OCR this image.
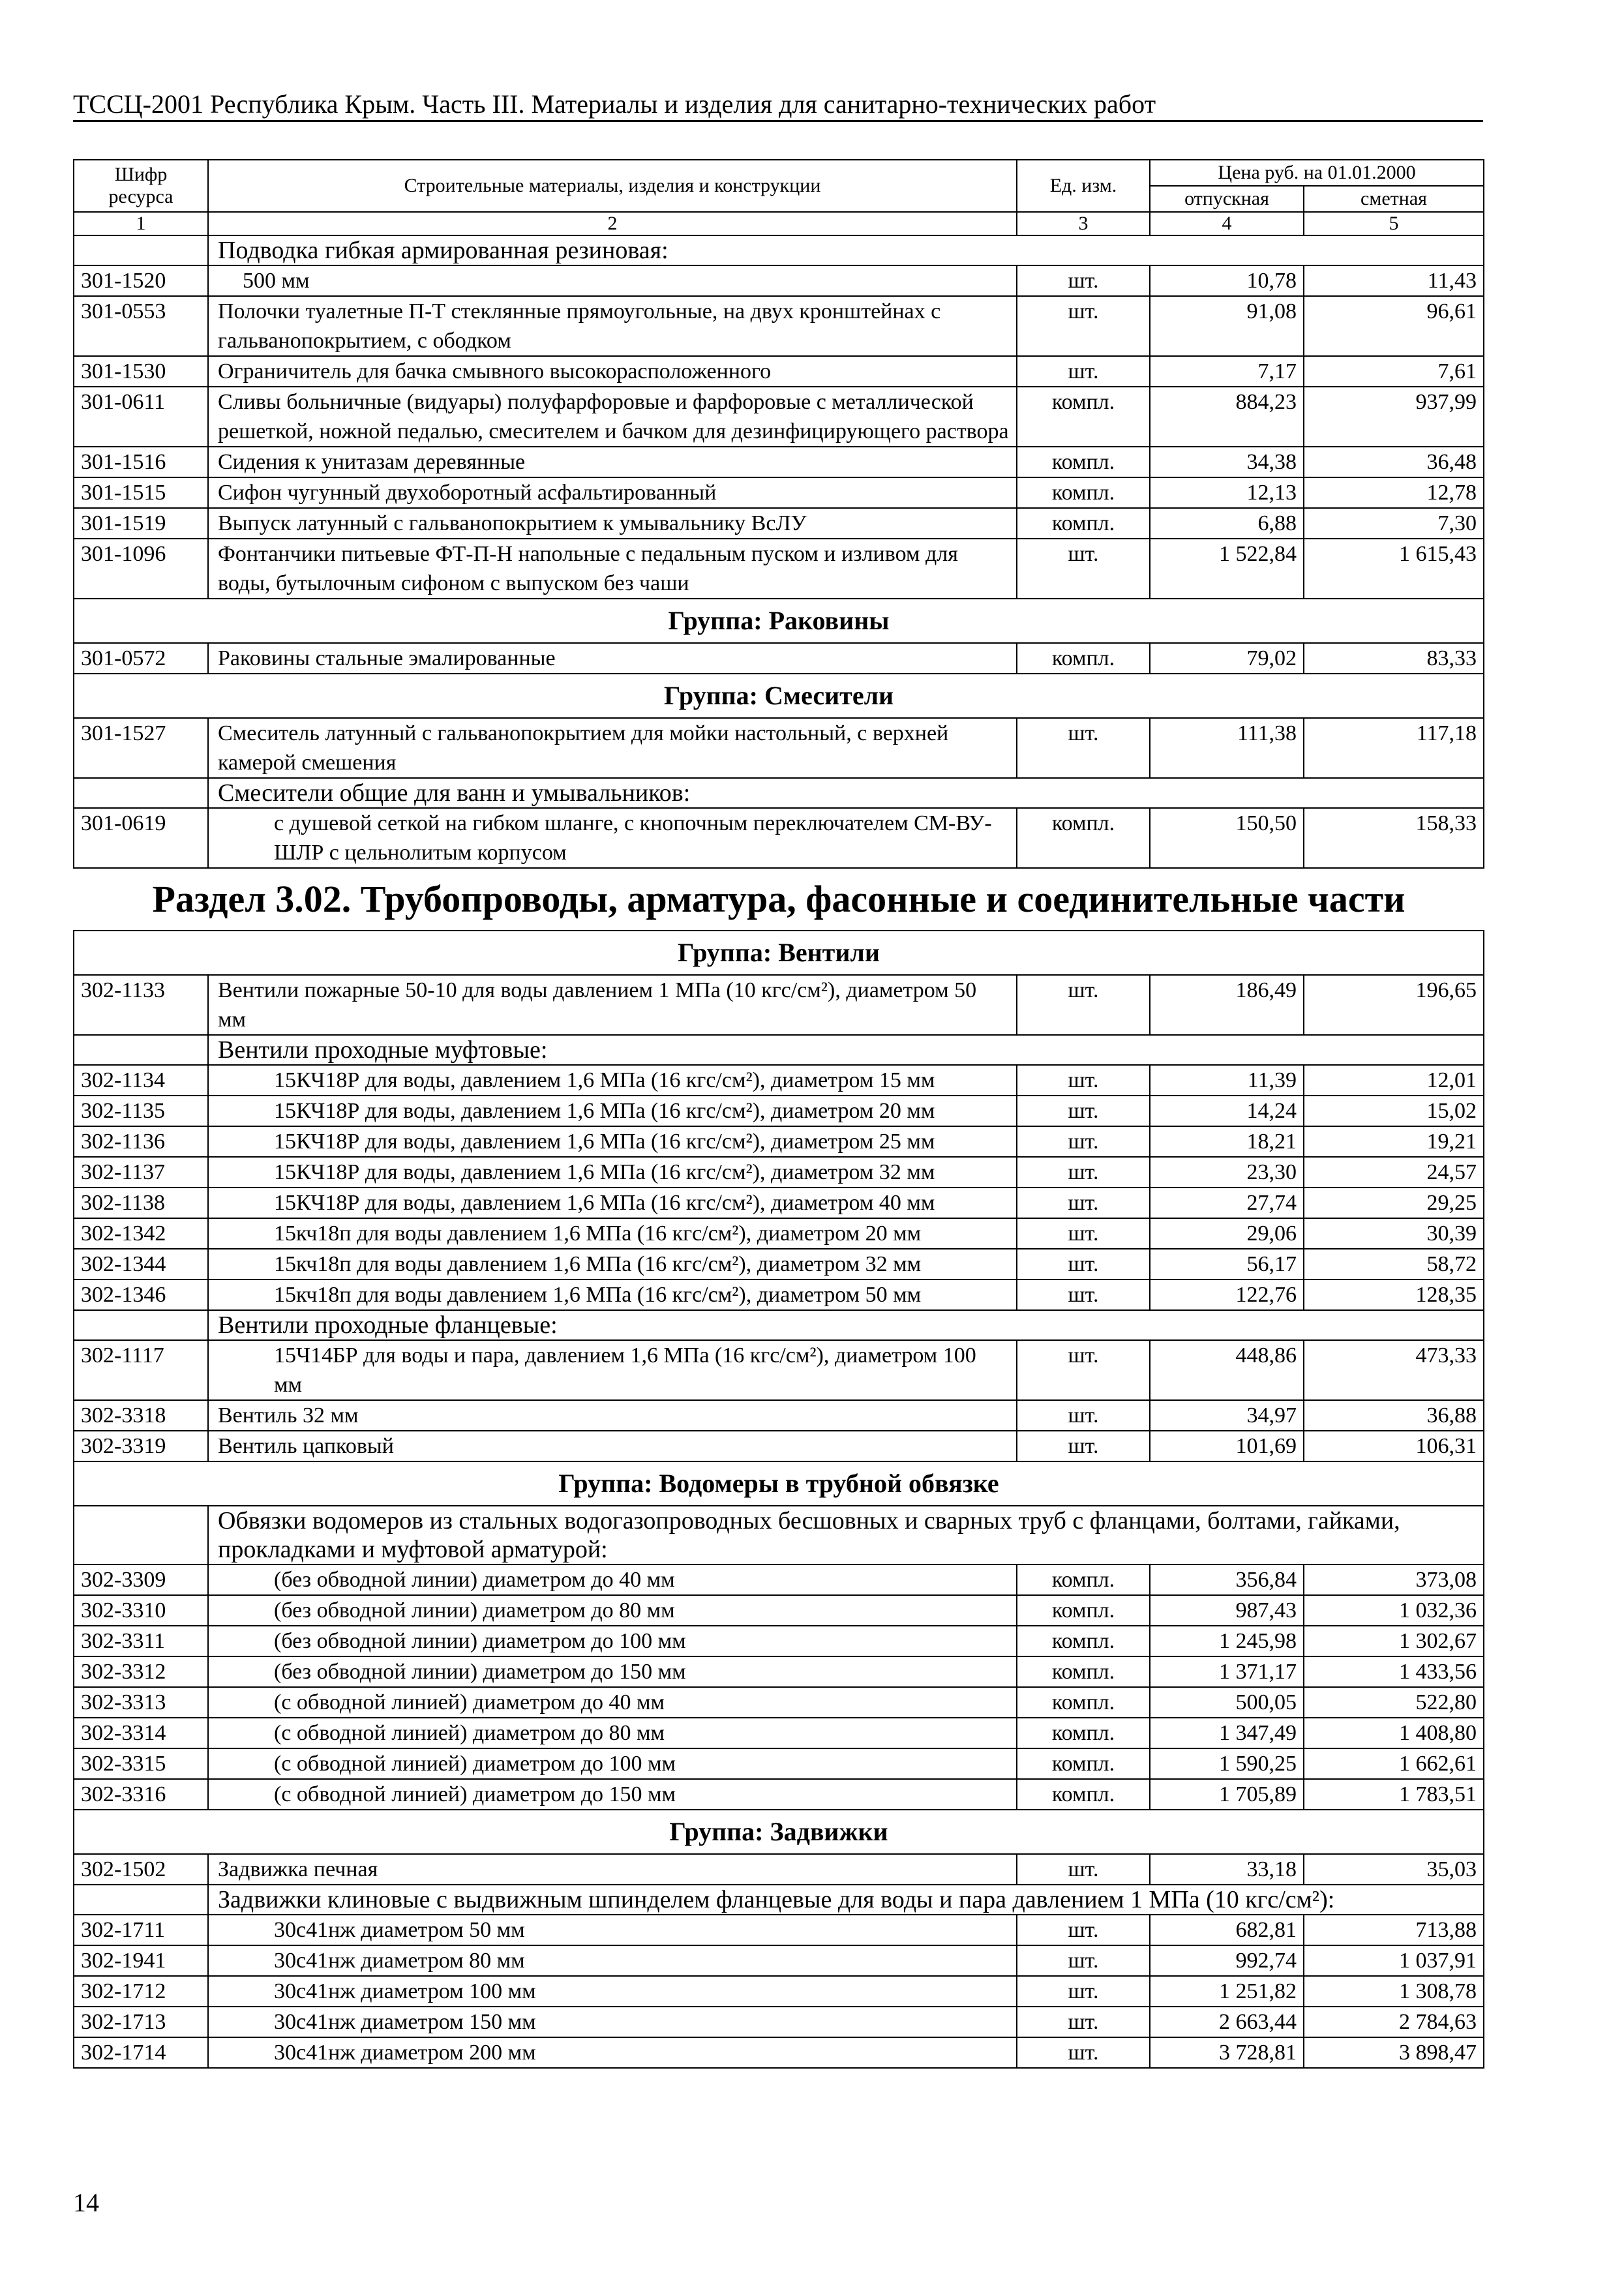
ТССЦ-2001 Республика Крым. Часть III. Материалы и изделия для санитарно-технических работ
Шифр ресурса	Строительные материалы, изделия и конструкции	Ед. изм.	Цена руб. на 01.01.2000	
			отпускная	сметная
1	2	3	4	5
	Подводка гибкая армированная резиновая:			
301-1520	500 мм	шт.	10,78	11,43
301-0553	Полочки туалетные П-Т стеклянные прямоугольные, на двух кронштейнах с гальванопокрытием, с ободком	шт.	91,08	96,61
301-1530	Ограничитель для бачка смывного высокорасположенного	шт.	7,17	7,61
301-0611	Сливы больничные (видуары) полуфарфоровые и фарфоровые с металлической решеткой, ножной педалью, смесителем и бачком для дезинфицирующего раствора	компл.	884,23	937,99
301-1516	Сидения к унитазам деревянные	компл.	34,38	36,48
301-1515	Сифон чугунный двухоборотный асфальтированный	компл.	12,13	12,78
301-1519	Выпуск латунный с гальванопокрытием к умывальнику ВсЛУ	компл.	6,88	7,30
301-1096	Фонтанчики питьевые ФТ-П-Н напольные с педальным пуском и изливом для воды, бутылочным сифоном с выпуском без чаши	шт.	1 522,84	1 615,43
Группа: Раковины				
301-0572	Раковины стальные эмалированные	компл.	79,02	83,33
Группа: Смесители				
301-1527	Смеситель латунный с гальванопокрытием для мойки настольный, с верхней камерой смешения	шт.	111,38	117,18
	Смесители общие для ванн и умывальников:			
301-0619	с душевой сеткой на гибком шланге, с кнопочным переключателем СМ-ВУ-ШЛР с цельнолитым корпусом	компл.	150,50	158,33
Раздел 3.02. Трубопроводы, арматура, фасонные и соединительные части				
Группа: Вентили				
302-1133	Вентили пожарные 50-10 для воды давлением 1 МПа (10 кгс/см²), диаметром 50 мм	шт.	186,49	196,65
	Вентили проходные муфтовые:			
302-1134	15КЧ18Р для воды, давлением 1,6 МПа (16 кгс/см²), диаметром 15 мм	шт.	11,39	12,01
302-1135	15КЧ18Р для воды, давлением 1,6 МПа (16 кгс/см²), диаметром 20 мм	шт.	14,24	15,02
302-1136	15КЧ18Р для воды, давлением 1,6 МПа (16 кгс/см²), диаметром 25 мм	шт.	18,21	19,21
302-1137	15КЧ18Р для воды, давлением 1,6 МПа (16 кгс/см²), диаметром 32 мм	шт.	23,30	24,57
302-1138	15КЧ18Р для воды, давлением 1,6 МПа (16 кгс/см²), диаметром 40 мм	шт.	27,74	29,25
302-1342	15кч18п для воды давлением 1,6 МПа (16 кгс/см²), диаметром 20 мм	шт.	29,06	30,39
302-1344	15кч18п для воды давлением 1,6 МПа (16 кгс/см²), диаметром 32 мм	шт.	56,17	58,72
302-1346	15кч18п для воды давлением 1,6 МПа (16 кгс/см²), диаметром 50 мм	шт.	122,76	128,35
	Вентили проходные фланцевые:			
302-1117	15Ч14БР для воды и пара, давлением 1,6 МПа (16 кгс/см²), диаметром 100 мм	шт.	448,86	473,33
302-3318	Вентиль 32 мм	шт.	34,97	36,88
302-3319	Вентиль цапковый	шт.	101,69	106,31
Группа: Водомеры в трубной обвязке				
	Обвязки водомеров из стальных водогазопроводных бесшовных и сварных труб с фланцами, болтами, гайками, прокладками и муфтовой арматурой:			
302-3309	(без обводной линии) диаметром до 40 мм	компл.	356,84	373,08
302-3310	(без обводной линии) диаметром до 80 мм	компл.	987,43	1 032,36
302-3311	(без обводной линии) диаметром до 100 мм	компл.	1 245,98	1 302,67
302-3312	(без обводной линии) диаметром до 150 мм	компл.	1 371,17	1 433,56
302-3313	(с обводной линией) диаметром до 40 мм	компл.	500,05	522,80
302-3314	(с обводной линией) диаметром до 80 мм	компл.	1 347,49	1 408,80
302-3315	(с обводной линией) диаметром до 100 мм	компл.	1 590,25	1 662,61
302-3316	(с обводной линией) диаметром до 150 мм	компл.	1 705,89	1 783,51
Группа: Задвижки				
302-1502	Задвижка печная	шт.	33,18	35,03
	Задвижки клиновые с выдвижным шпинделем фланцевые для воды и пара давлением 1 МПа (10 кгс/см²):			
302-1711	30с41нж диаметром 50 мм	шт.	682,81	713,88
302-1941	30с41нж диаметром 80 мм	шт.	992,74	1 037,91
302-1712	30с41нж диаметром 100 мм	шт.	1 251,82	1 308,78
302-1713	30с41нж диаметром 150 мм	шт.	2 663,44	2 784,63
302-1714	30с41нж диаметром 200 мм	шт.	3 728,81	3 898,47
14
